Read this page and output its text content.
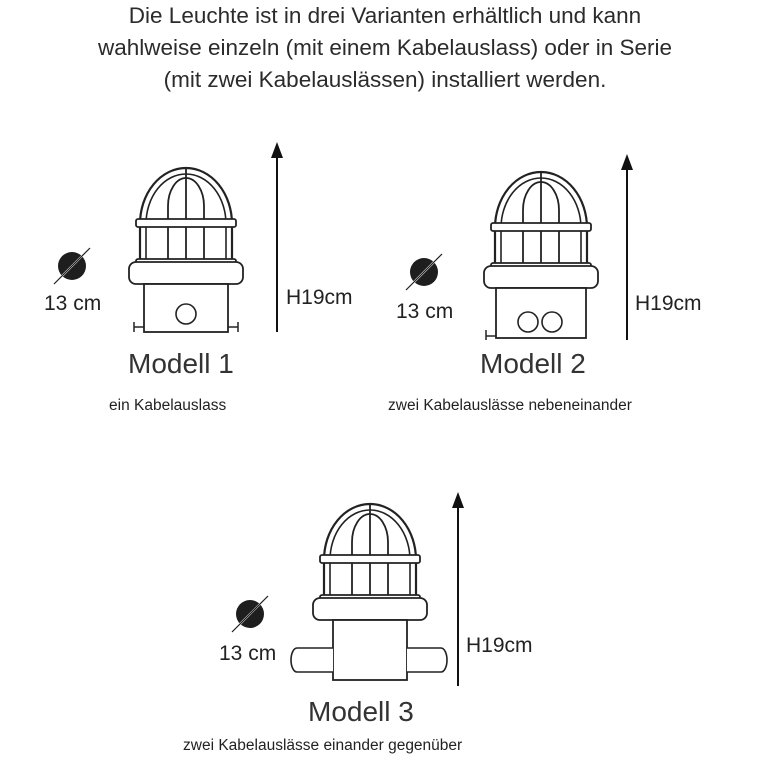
Die Leuchte ist in drei Varianten erhältlich und kann
wahlweise einzeln (mit einem Kabelauslass) oder in Serie
(mit zwei Kabelauslässen) installiert werden.
13 cm	H19cm
Modell 1
ein Kabelauslass
13 cm	H19cm
Modell 2
zwei Kabelauslässe nebeneinander
13 cm	H19cm
Modell 3
zwei Kabelauslässe einander gegenüber
